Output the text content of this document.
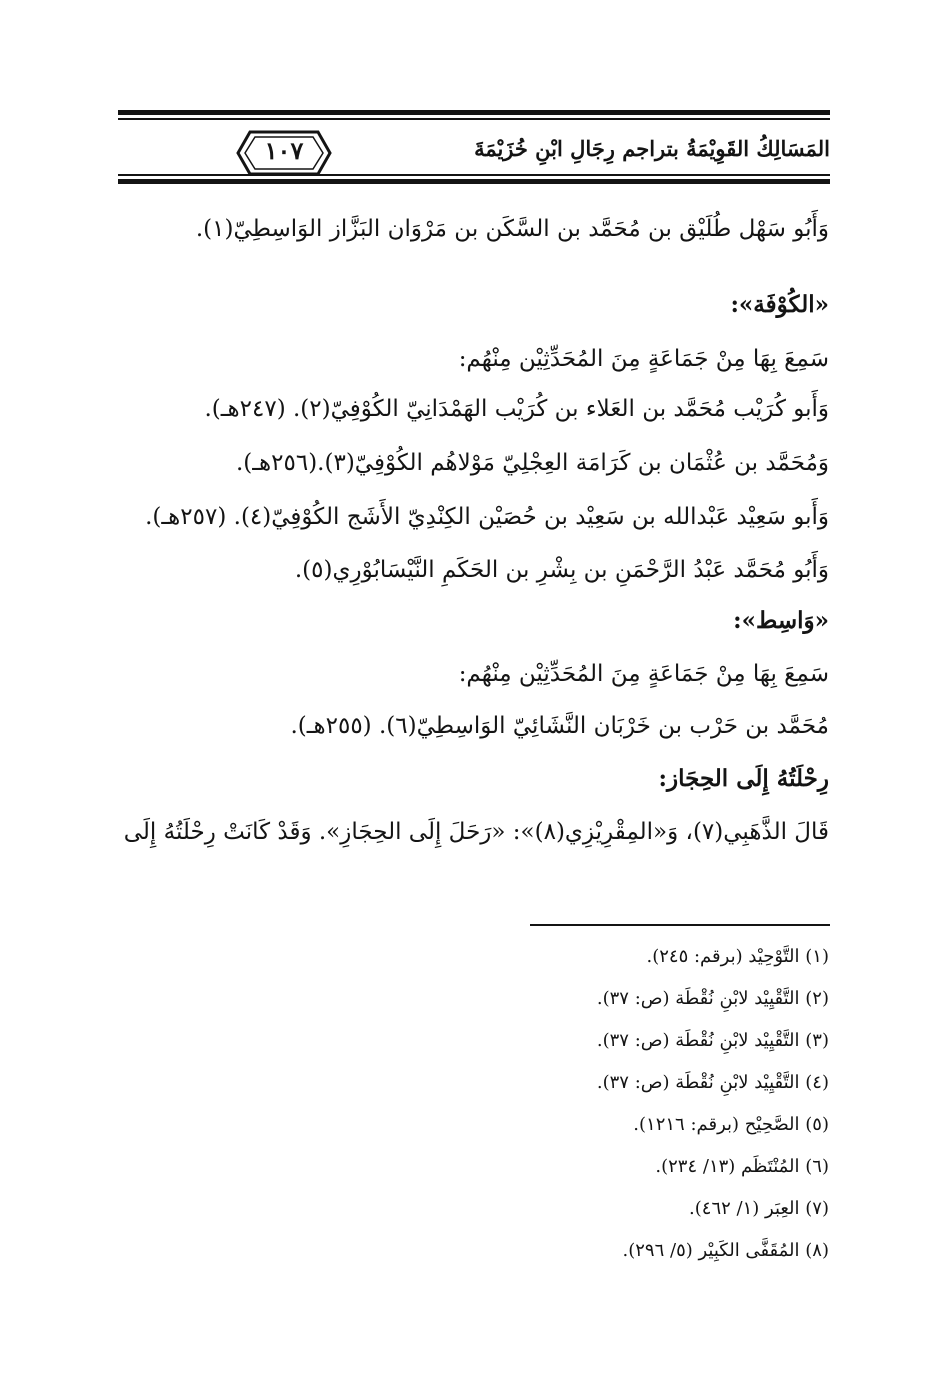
١٠٧	المَسَالِكُ القَوِيْمَةُ بتراجم رِجَالِ ابْنِ خُزَيْمَةَ
وَأَبُو سَهْل طُلَيْق بن مُحَمَّد بن السَّكَن بن مَرْوَان البَزَّاز الوَاسِطِيّ(١).
«الكُوْفَة»:
سَمِعَ بِهَا مِنْ جَمَاعَةٍ مِنَ المُحَدِّثِيْن مِنْهُم:
وَأَبو كُرَيْب مُحَمَّد بن العَلاء بن كُرَيْب الهَمْدَانِيّ الكُوْفِيّ(٢). (٢٤٧هـ).
وَمُحَمَّد بن عُثْمَان بن كَرَامَة العِجْلِيّ مَوْلاهُم الكُوْفِيّ(٣).(٢٥٦هـ).
وَأَبو سَعِيْد عَبْدالله بن سَعِيْد بن حُصَيْن الكِنْدِيّ الأَشَج الكُوْفِيّ(٤). (٢٥٧هـ).
وَأَبُو مُحَمَّد عَبْدُ الرَّحْمَنِ بن بِشْرِ بن الحَكَمِ النَّيْسَابُوْرِي(٥).
«وَاسِط»:
سَمِعَ بِهَا مِنْ جَمَاعَةٍ مِنَ المُحَدِّثِيْن مِنْهُم:
مُحَمَّد بن حَرْب بن خَرْبَان النَّشَائِيّ الوَاسِطِيّ(٦). (٢٥٥هـ).
رِحْلَتُهُ إِلَى الحِجَاز:
قَالَ الذَّهَبِي(٧)، وَ«المِقْرِيْزِي(٨)»: «رَحَلَ إِلَى الحِجَازِ». وَقَدْ كَانَتْ رِحْلَتُهُ إِلَى
(١) التَّوْحِيْد (برقم: ٢٤٥).
(٢) التَّقْيِيْد لابْنِ نُقْطَة (ص: ٣٧).
(٣) التَّقْيِيْد لابْنِ نُقْطَة (ص: ٣٧).
(٤) التَّقْيِيْد لابْنِ نُقْطَة (ص: ٣٧).
(٥) الصَّحِيْح (برقم: ١٢١٦).
(٦) المُنْتَظَم (١٣/ ٢٣٤).
(٧) العِبَر (١/ ٤٦٢).
(٨) المُقَفَّى الكَبِيْر (٥/ ٢٩٦).
